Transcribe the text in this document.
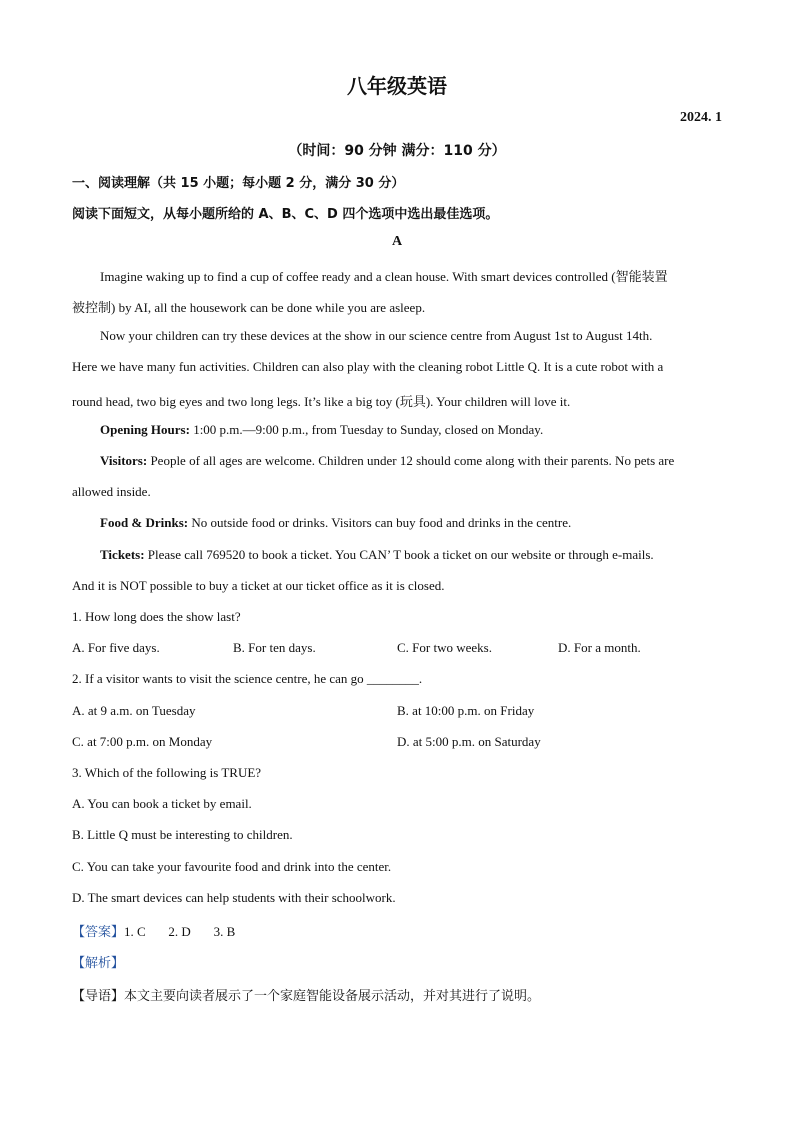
八年级英语
2024. 1
（时间：90 分钟 满分：110 分）
一、阅读理解（共 15 小题；每小题 2 分，满分 30 分）
阅读下面短文，从每小题所给的 A、B、C、D 四个选项中选出最佳选项。
A
Imagine waking up to find a cup of coffee ready and a clean house. With smart devices controlled (智能装置
被控制) by AI, all the housework can be done while you are asleep.
Now your children can try these devices at the show in our science centre from August 1st to August 14th.
Here we have many fun activities. Children can also play with the cleaning robot Little Q. It is a cute robot with a
round head, two big eyes and two long legs. It’s like a big toy (玩具). Your children will love it.
Opening Hours: 1:00 p.m.—9:00 p.m., from Tuesday to Sunday, closed on Monday.
Visitors: People of all ages are welcome. Children under 12 should come along with their parents. No pets are
allowed inside.
Food & Drinks: No outside food or drinks. Visitors can buy food and drinks in the centre.
Tickets: Please call 769520 to book a ticket. You CAN’ T book a ticket on our website or through e-mails.
And it is NOT possible to buy a ticket at our ticket office as it is closed.
1. How long does the show last?
A. For five days.	B. For ten days.	C. For two weeks.	D. For a month.
2. If a visitor wants to visit the science centre, he can go ________.
A. at 9 a.m. on Tuesday	B. at 10:00 p.m. on Friday
C. at 7:00 p.m. on Monday	D. at 5:00 p.m. on Saturday
3. Which of the following is TRUE?
A. You can book a ticket by email.
B. Little Q must be interesting to children.
C. You can take your favourite food and drink into the center.
D. The smart devices can help students with their schoolwork.
【答案】1. C       2. D       3. B
【解析】
【导语】本文主要向读者展示了一个家庭智能设备展示活动，并对其进行了说明。
